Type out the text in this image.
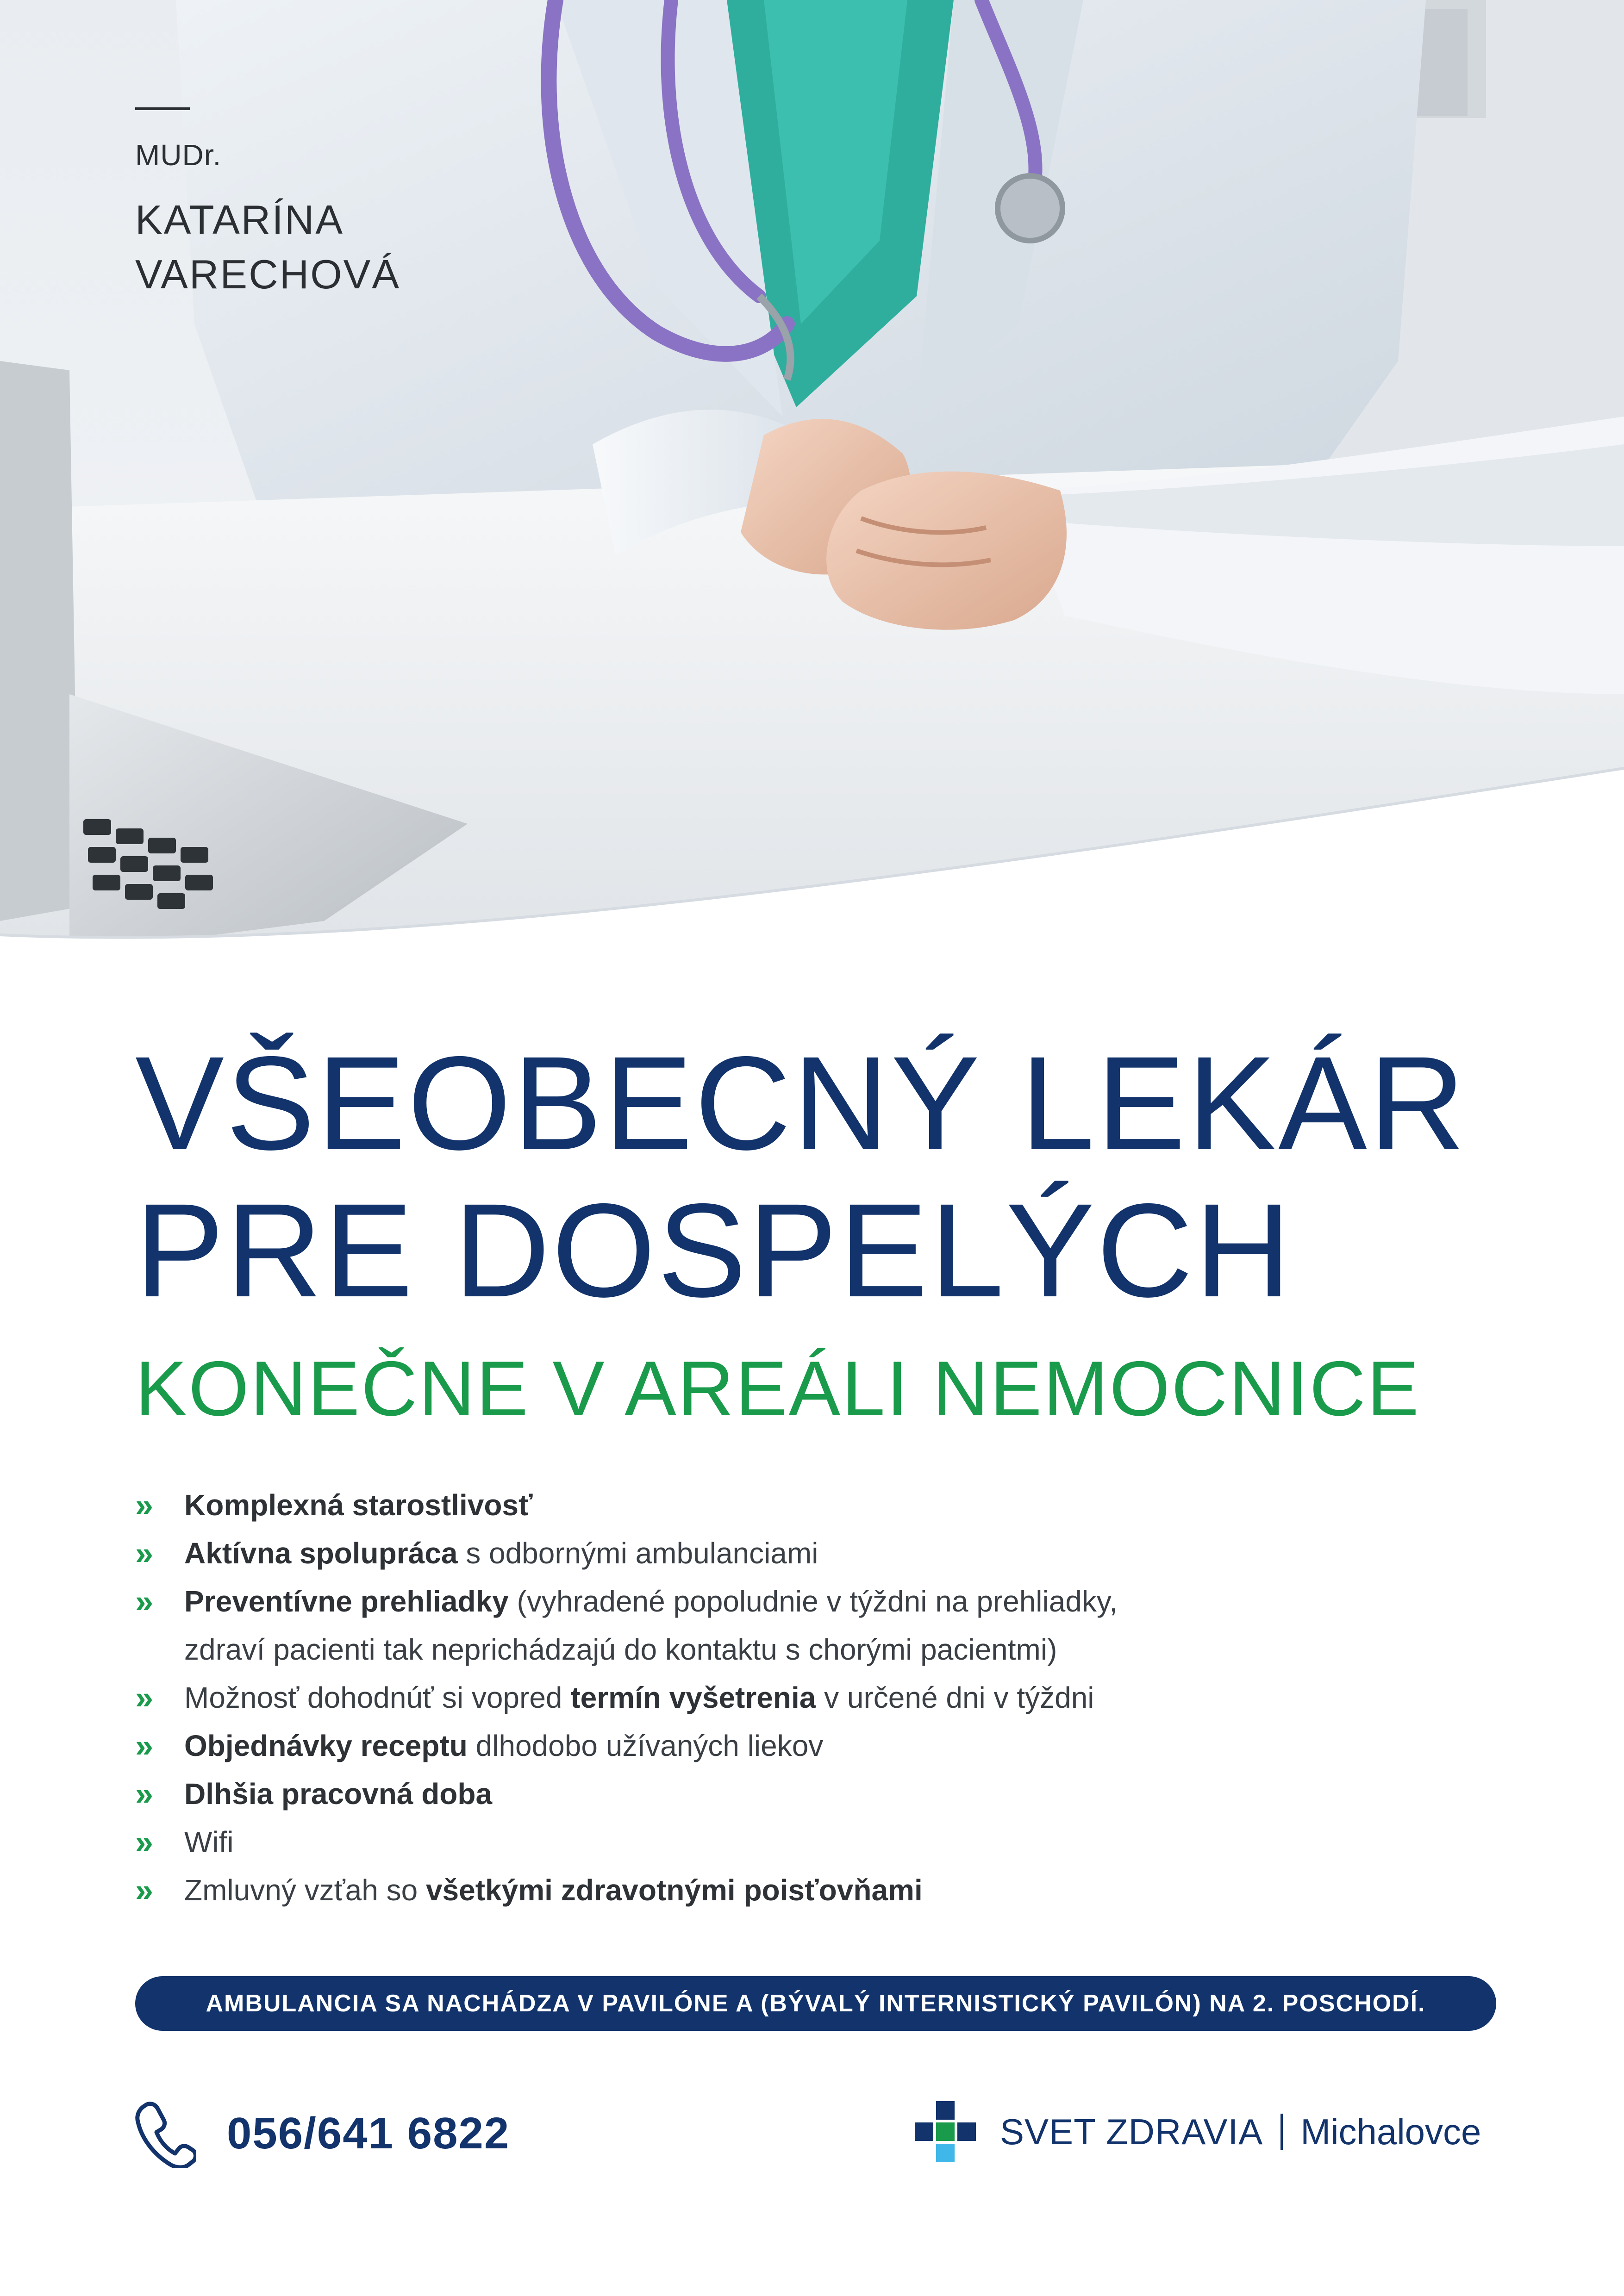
MUDr.
KATARÍNA
VARECHOVÁ
VŠEOBECNÝ LEKÁR
PRE DOSPELÝCH
KONEČNE V AREÁLI NEMOCNICE
» Komplexná starostlivosť
» Aktívna spolupráca s odbornými ambulanciami
» Preventívne prehliadky (vyhradené popoludnie v týždni na prehliadky,
zdraví pacienti tak neprichádzajú do kontaktu s chorými pacientmi)
» Možnosť dohodnúť si vopred termín vyšetrenia v určené dni v týždni
» Objednávky receptu dlhodobo užívaných liekov
» Dlhšia pracovná doba
» Wifi
» Zmluvný vzťah so všetkými zdravotnými poisťovňami
AMBULANCIA SA NACHÁDZA V PAVILÓNE A (BÝVALÝ INTERNISTICKÝ PAVILÓN) NA 2. POSCHODÍ.
056/641 6822	SVET ZDRAVIA Michalovce
